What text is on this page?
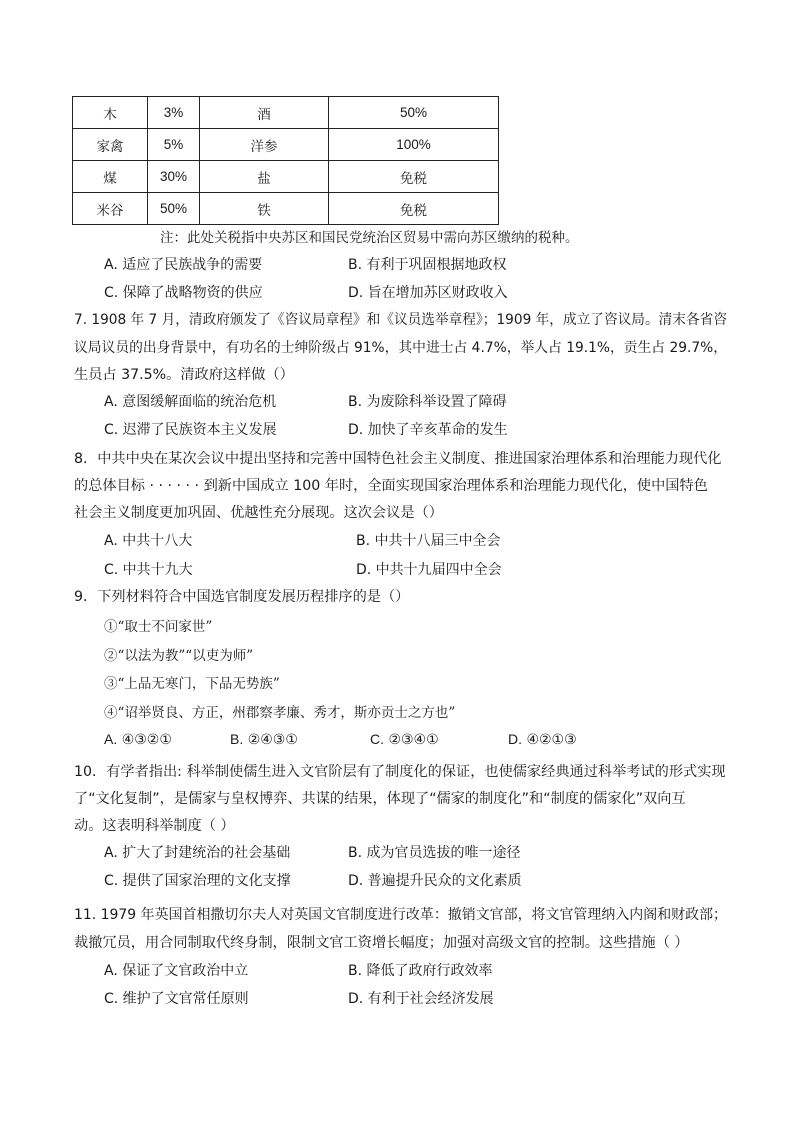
木	3%	酒	50%
家禽	5%	洋参	100%
煤	30%	盐	免税
米谷	50%	铁	免税
注：此处关税指中央苏区和国民党统治区贸易中需向苏区缴纳的税种。
A. 适应了民族战争的需要	B. 有利于巩固根据地政权
C. 保障了战略物资的供应	D. 旨在增加苏区财政收入
7. 1908 年 7 月，清政府颁发了《咨议局章程》和《议员选举章程》；1909 年，成立了咨议局。清末各省咨
议局议员的出身背景中，有功名的士绅阶级占 91%，其中进士占 4.7%，举人占 19.1%，贡生占 29.7%，
生员占 37.5%。清政府这样做（）
A. 意图缓解面临的统治危机	B. 为废除科举设置了障碍
C. 迟滞了民族资本主义发展	D. 加快了辛亥革命的发生
8．中共中央在某次会议中提出坚持和完善中国特色社会主义制度、推进国家治理体系和治理能力现代化
的总体目标 · · · · · · 到新中国成立 100 年时，全面实现国家治理体系和治理能力现代化，使中国特色
社会主义制度更加巩固、优越性充分展现。这次会议是（）
A. 中共十八大	B. 中共十八届三中全会
C. 中共十九大	D. 中共十九届四中全会
9．下列材料符合中国选官制度发展历程排序的是（）
①“取士不问家世”
②“以法为教”“以吏为师”
③“上品无寒门，下品无势族”
④“诏举贤良、方正，州郡察孝廉、秀才，斯亦贡士之方也”
A. ④③②①	B. ②④③①	C. ②③④①	D. ④②①③
10．有学者指出: 科举制使儒生进入文官阶层有了制度化的保证，也使儒家经典通过科举考试的形式实现
了“文化复制”，是儒家与皇权博弈、共谋的结果，体现了“儒家的制度化”和“制度的儒家化”双向互
动。这表明科举制度（ ）
A. 扩大了封建统治的社会基础	B. 成为官员选拔的唯一途径
C. 提供了国家治理的文化支撑	D. 普遍提升民众的文化素质
11. 1979 年英国首相撒切尔夫人对英国文官制度进行改革：撤销文官部，将文官管理纳入内阁和财政部；
裁撤冗员，用合同制取代终身制，限制文官工资增长幅度；加强对高级文官的控制。这些措施（ ）
A. 保证了文官政治中立	B. 降低了政府行政效率
C. 维护了文官常任原则	D. 有利于社会经济发展
